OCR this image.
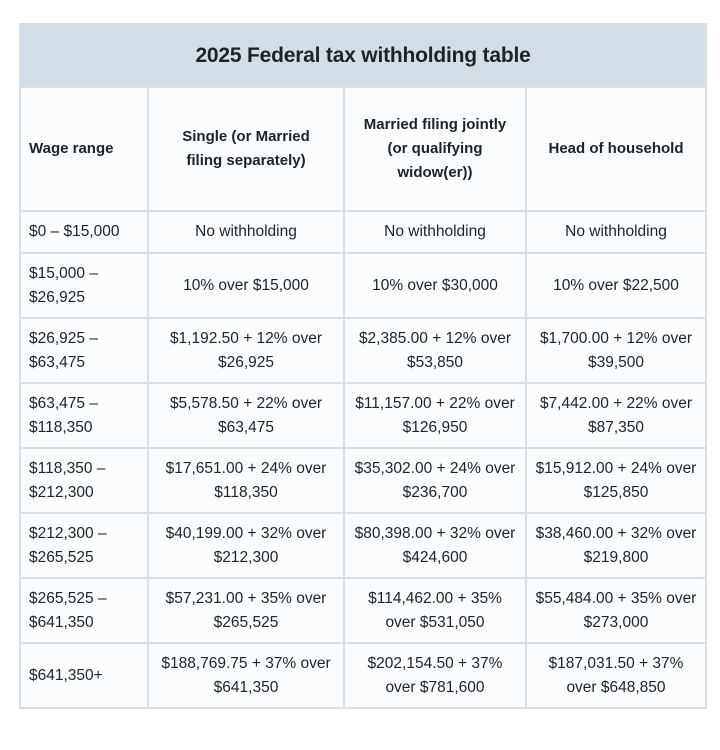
2025 Federal tax withholding table			
Wage range	Single (or Married filing separately)	Married filing jointly (or qualifying widow(er))	Head of household
$0 – $15,000	No withholding	No withholding	No withholding
$15,000 – $26,925	10% over $15,000	10% over $30,000	10% over $22,500
$26,925 – $63,475	$1,192.50 + 12% over $26,925	$2,385.00 + 12% over $53,850	$1,700.00 + 12% over $39,500
$63,475 – $118,350	$5,578.50 + 22% over $63,475	$11,157.00 + 22% over $126,950	$7,442.00 + 22% over $87,350
$118,350 – $212,300	$17,651.00 + 24% over $118,350	$35,302.00 + 24% over $236,700	$15,912.00 + 24% over $125,850
$212,300 – $265,525	$40,199.00 + 32% over $212,300	$80,398.00 + 32% over $424,600	$38,460.00 + 32% over $219,800
$265,525 – $641,350	$57,231.00 + 35% over $265,525	$114,462.00 + 35% over $531,050	$55,484.00 + 35% over $273,000
$641,350+	$188,769.75 + 37% over $641,350	$202,154.50 + 37% over $781,600	$187,031.50 + 37% over $648,850
